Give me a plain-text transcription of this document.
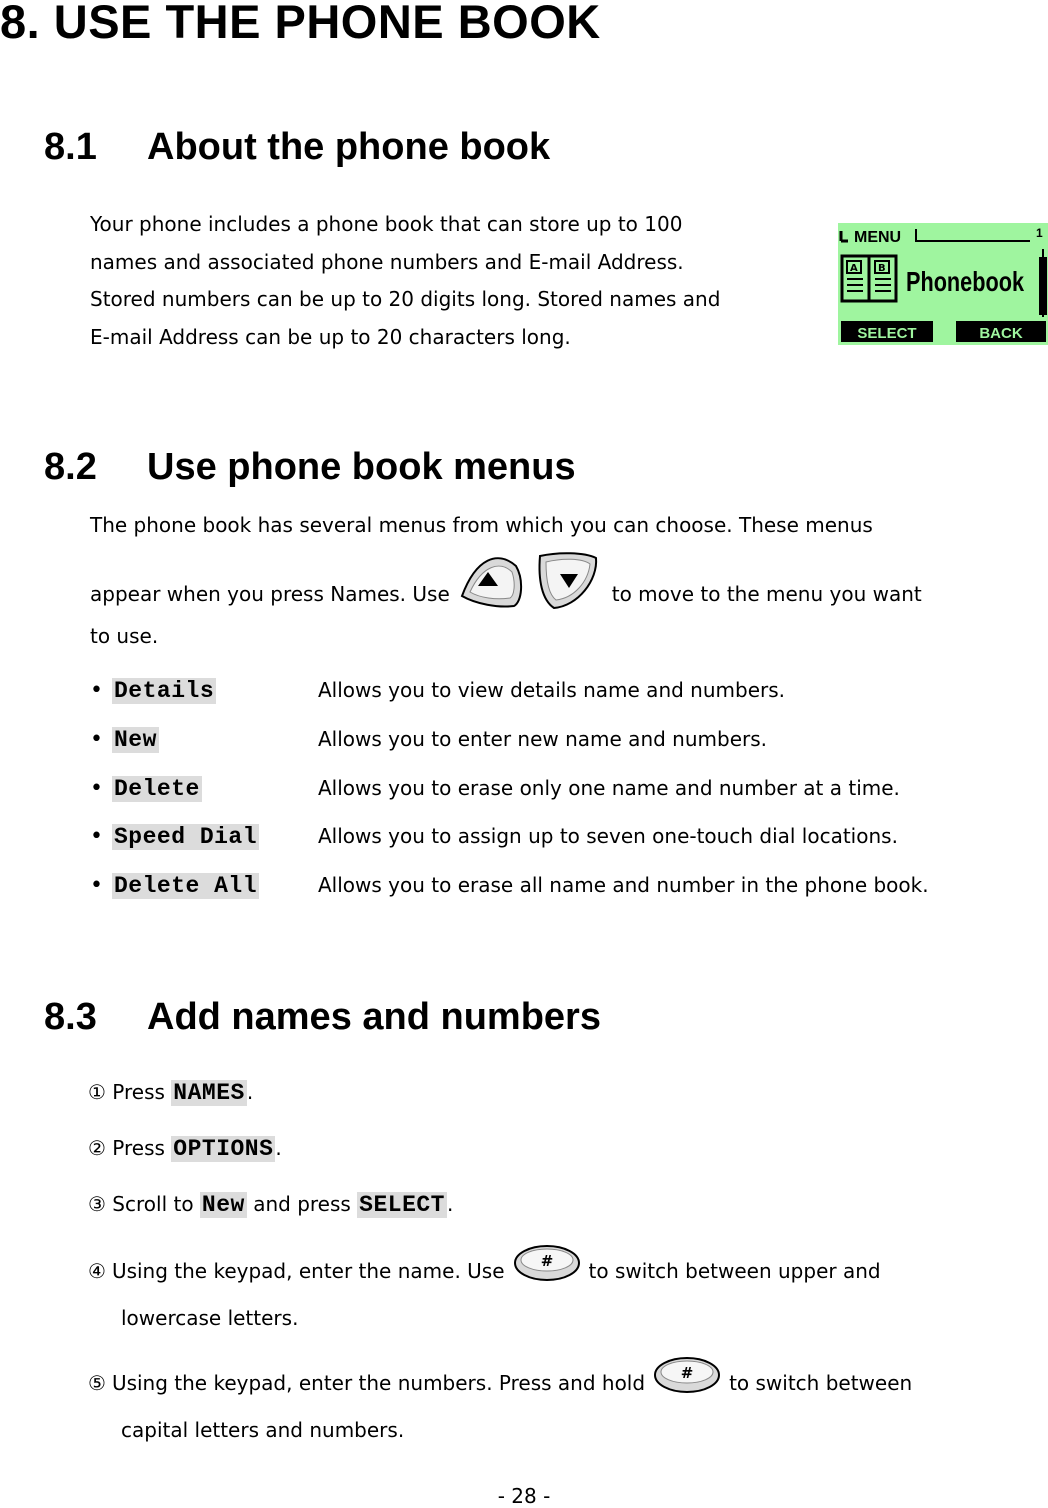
8. USE THE PHONE BOOK
8.1 About the phone book
Your phone includes a phone book that can store up to 100
names and associated phone numbers and E-mail Address.
Stored numbers can be up to 20 digits long. Stored names and
E-mail Address can be up to 20 characters long.
MENU	1
A B Phonebook
SELECT	BACK
8.2 Use phone book menus
The phone book has several menus from which you can choose. These menus
appear when you press Names. Use	to move to the menu you want
to use.
• Details	Allows you to view details name and numbers.
• New	Allows you to enter new name and numbers.
• Delete	Allows you to erase only one name and number at a time.
• Speed Dial	Allows you to assign up to seven one-touch dial locations.
• Delete All	Allows you to erase all name and number in the phone book.
8.3 Add names and numbers
① Press NAMES .
② Press OPTIONS .
③ Scroll to New and press SELECT .
④ Using the keypad, enter the name. Use # to switch between upper and
lowercase letters.
⑤ Using the keypad, enter the numbers. Press and hold # to switch between
capital letters and numbers.
- 28 -
